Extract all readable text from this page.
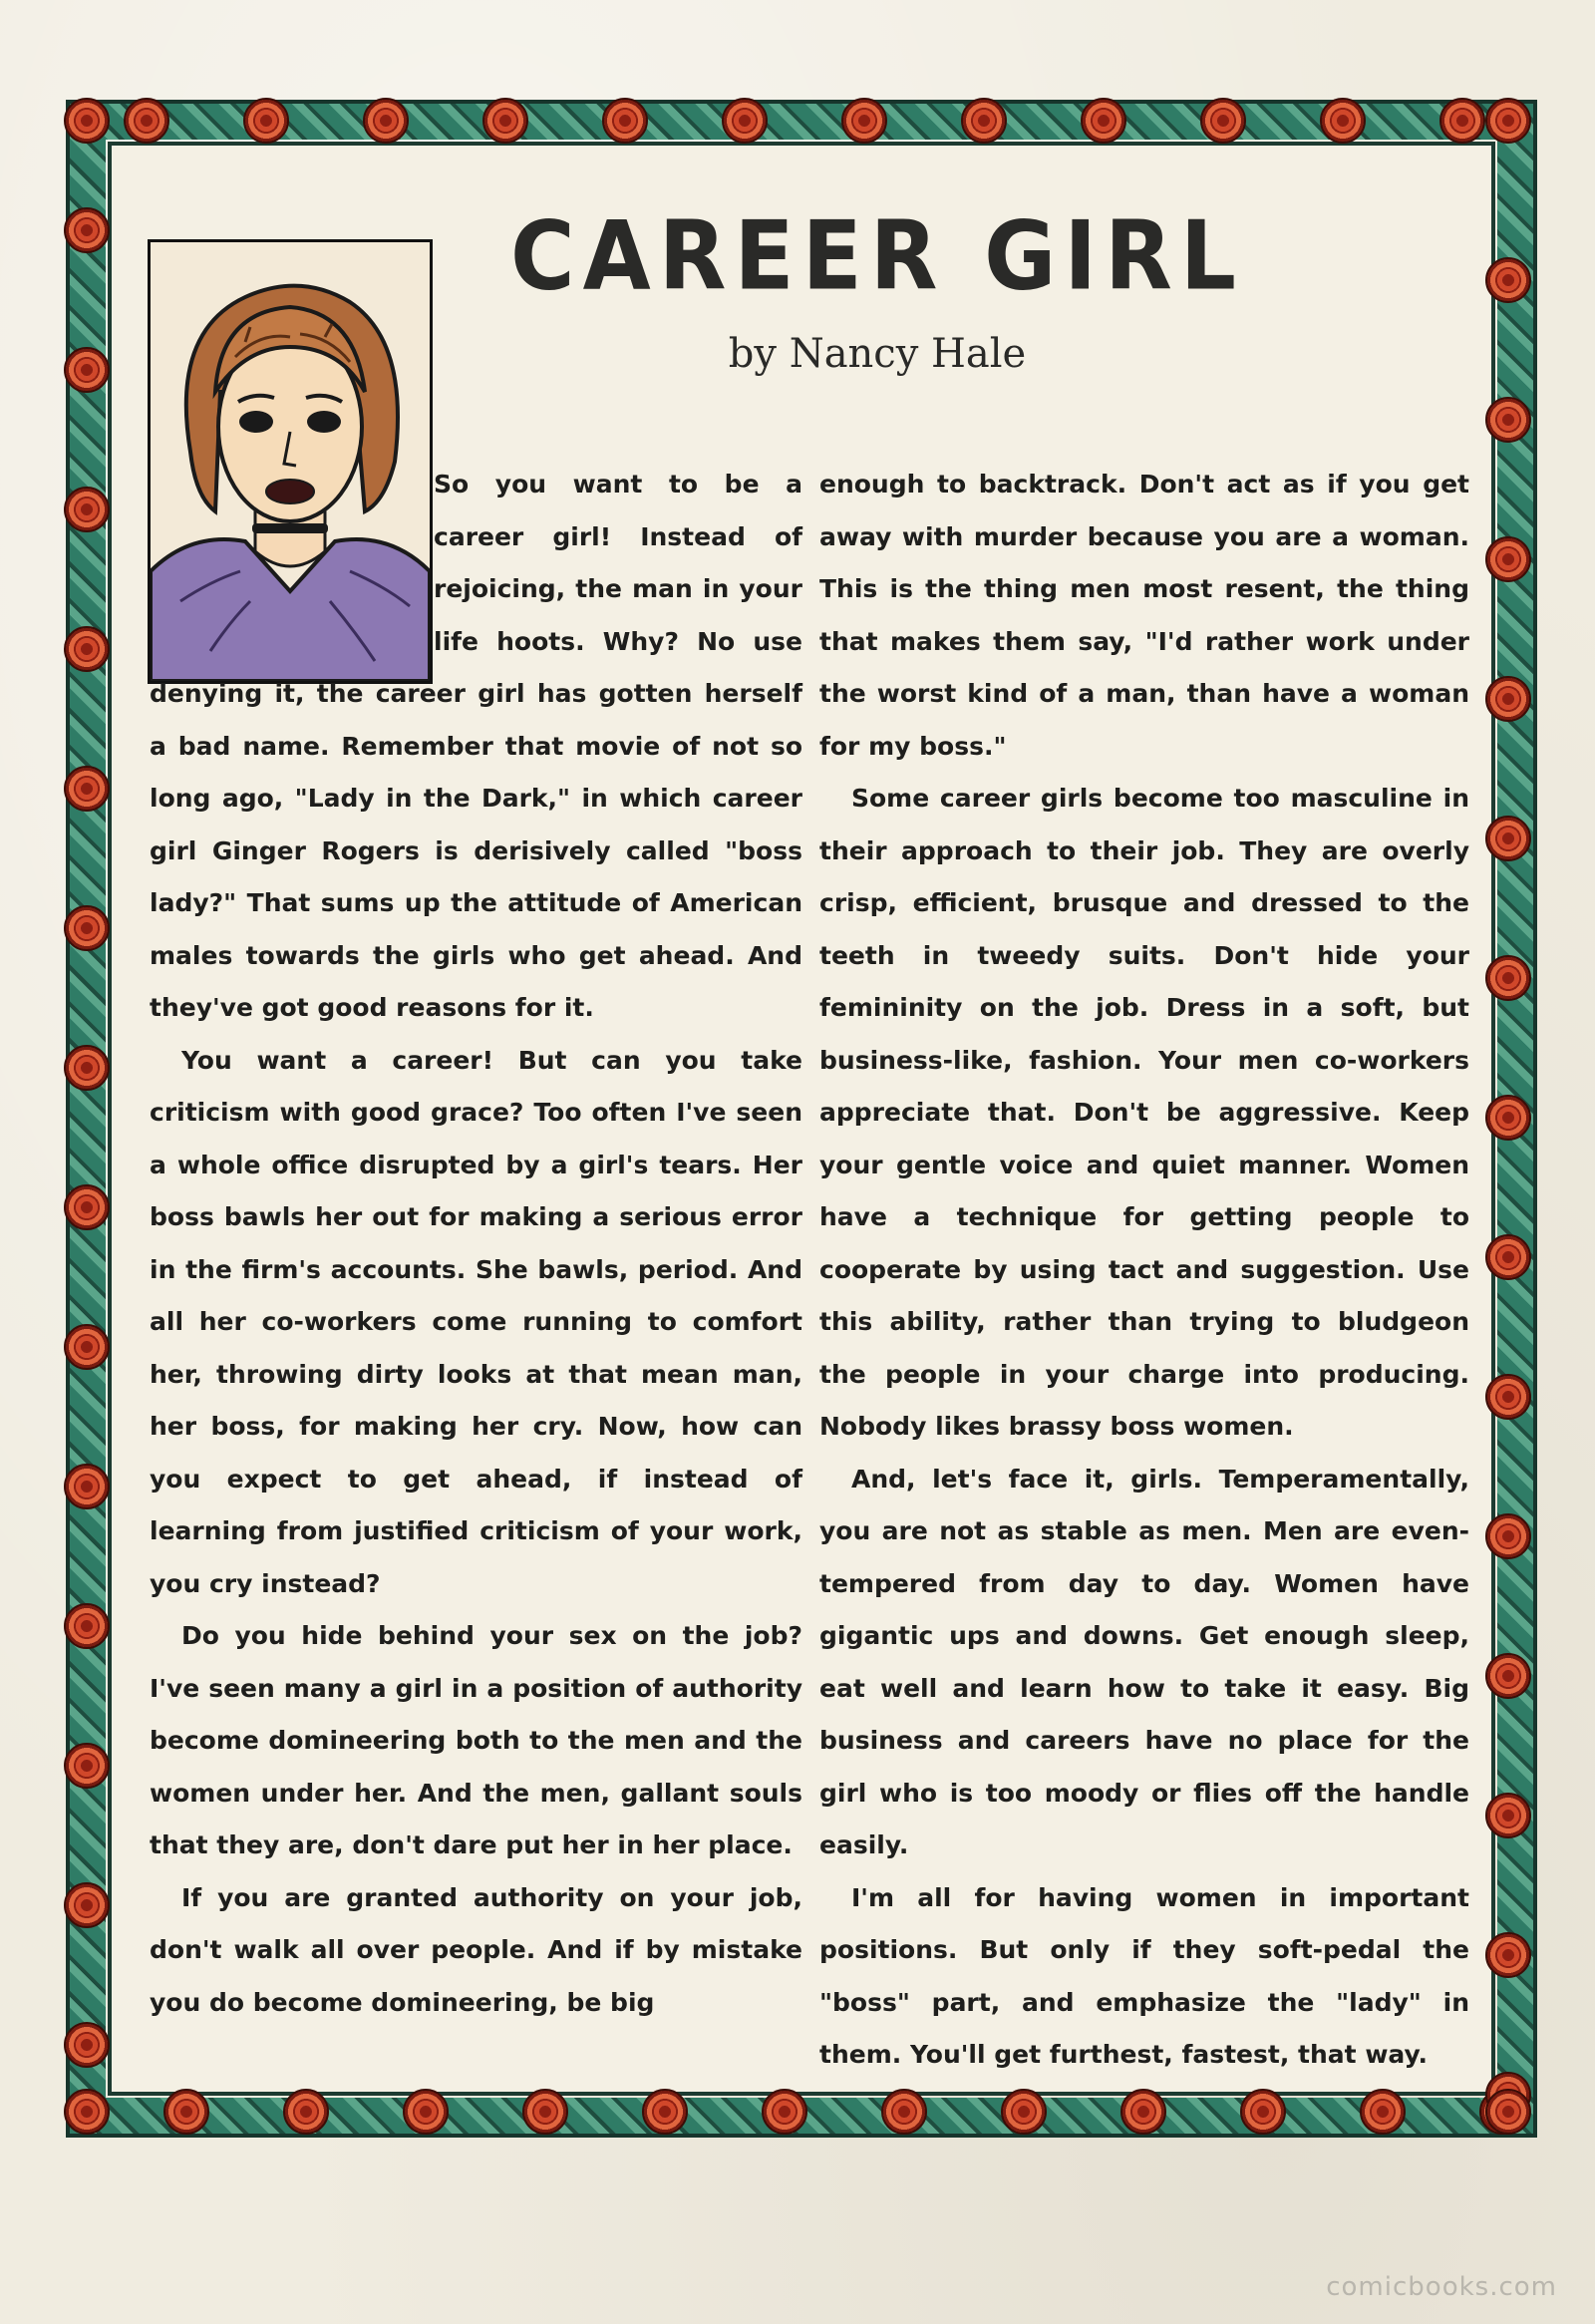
CAREER GIRL
by Nancy Hale

So you want to be a career girl! Instead of rejoicing, the man in your life hoots. Why? No use denying it, the career girl has gotten herself a bad name. Remember that movie of not so long ago, "Lady in the Dark," in which career girl Ginger Rogers is derisively called "boss lady?" That sums up the attitude of American males towards the girls who get ahead. And they've got good reasons for it.

You want a career! But can you take criticism with good grace? Too often I've seen a whole office disrupted by a girl's tears. Her boss bawls her out for making a serious error in the firm's accounts. She bawls, period. And all her co-workers come running to comfort her, throwing dirty looks at that mean man, her boss, for making her cry. Now, how can you expect to get ahead, if instead of learning from justified criticism of your work, you cry instead?

Do you hide behind your sex on the job? I've seen many a girl in a position of authority become domineering both to the men and the women under her. And the men, gallant souls that they are, don't dare put her in her place.

If you are granted authority on your job, don't walk all over people. And if by mistake you do become domineering, be big

enough to backtrack. Don't act as if you get away with murder because you are a woman. This is the thing men most resent, the thing that makes them say, "I'd rather work under the worst kind of a man, than have a woman for my boss."

Some career girls become too masculine in their approach to their job. They are overly crisp, efficient, brusque and dressed to the teeth in tweedy suits. Don't hide your femininity on the job. Dress in a soft, but business-like, fashion. Your men co-workers appreciate that. Don't be aggressive. Keep your gentle voice and quiet manner. Women have a technique for getting people to cooperate by using tact and suggestion. Use this ability, rather than trying to bludgeon the people in your charge into producing. Nobody likes brassy boss women.

And, let's face it, girls. Temperamentally, you are not as stable as men. Men are even-tempered from day to day. Women have gigantic ups and downs. Get enough sleep, eat well and learn how to take it easy. Big business and careers have no place for the girl who is too moody or flies off the handle easily.

I'm all for having women in important positions. But only if they soft-pedal the "boss" part, and emphasize the "lady" in them. You'll get furthest, fastest, that way.

comicbooks.com
